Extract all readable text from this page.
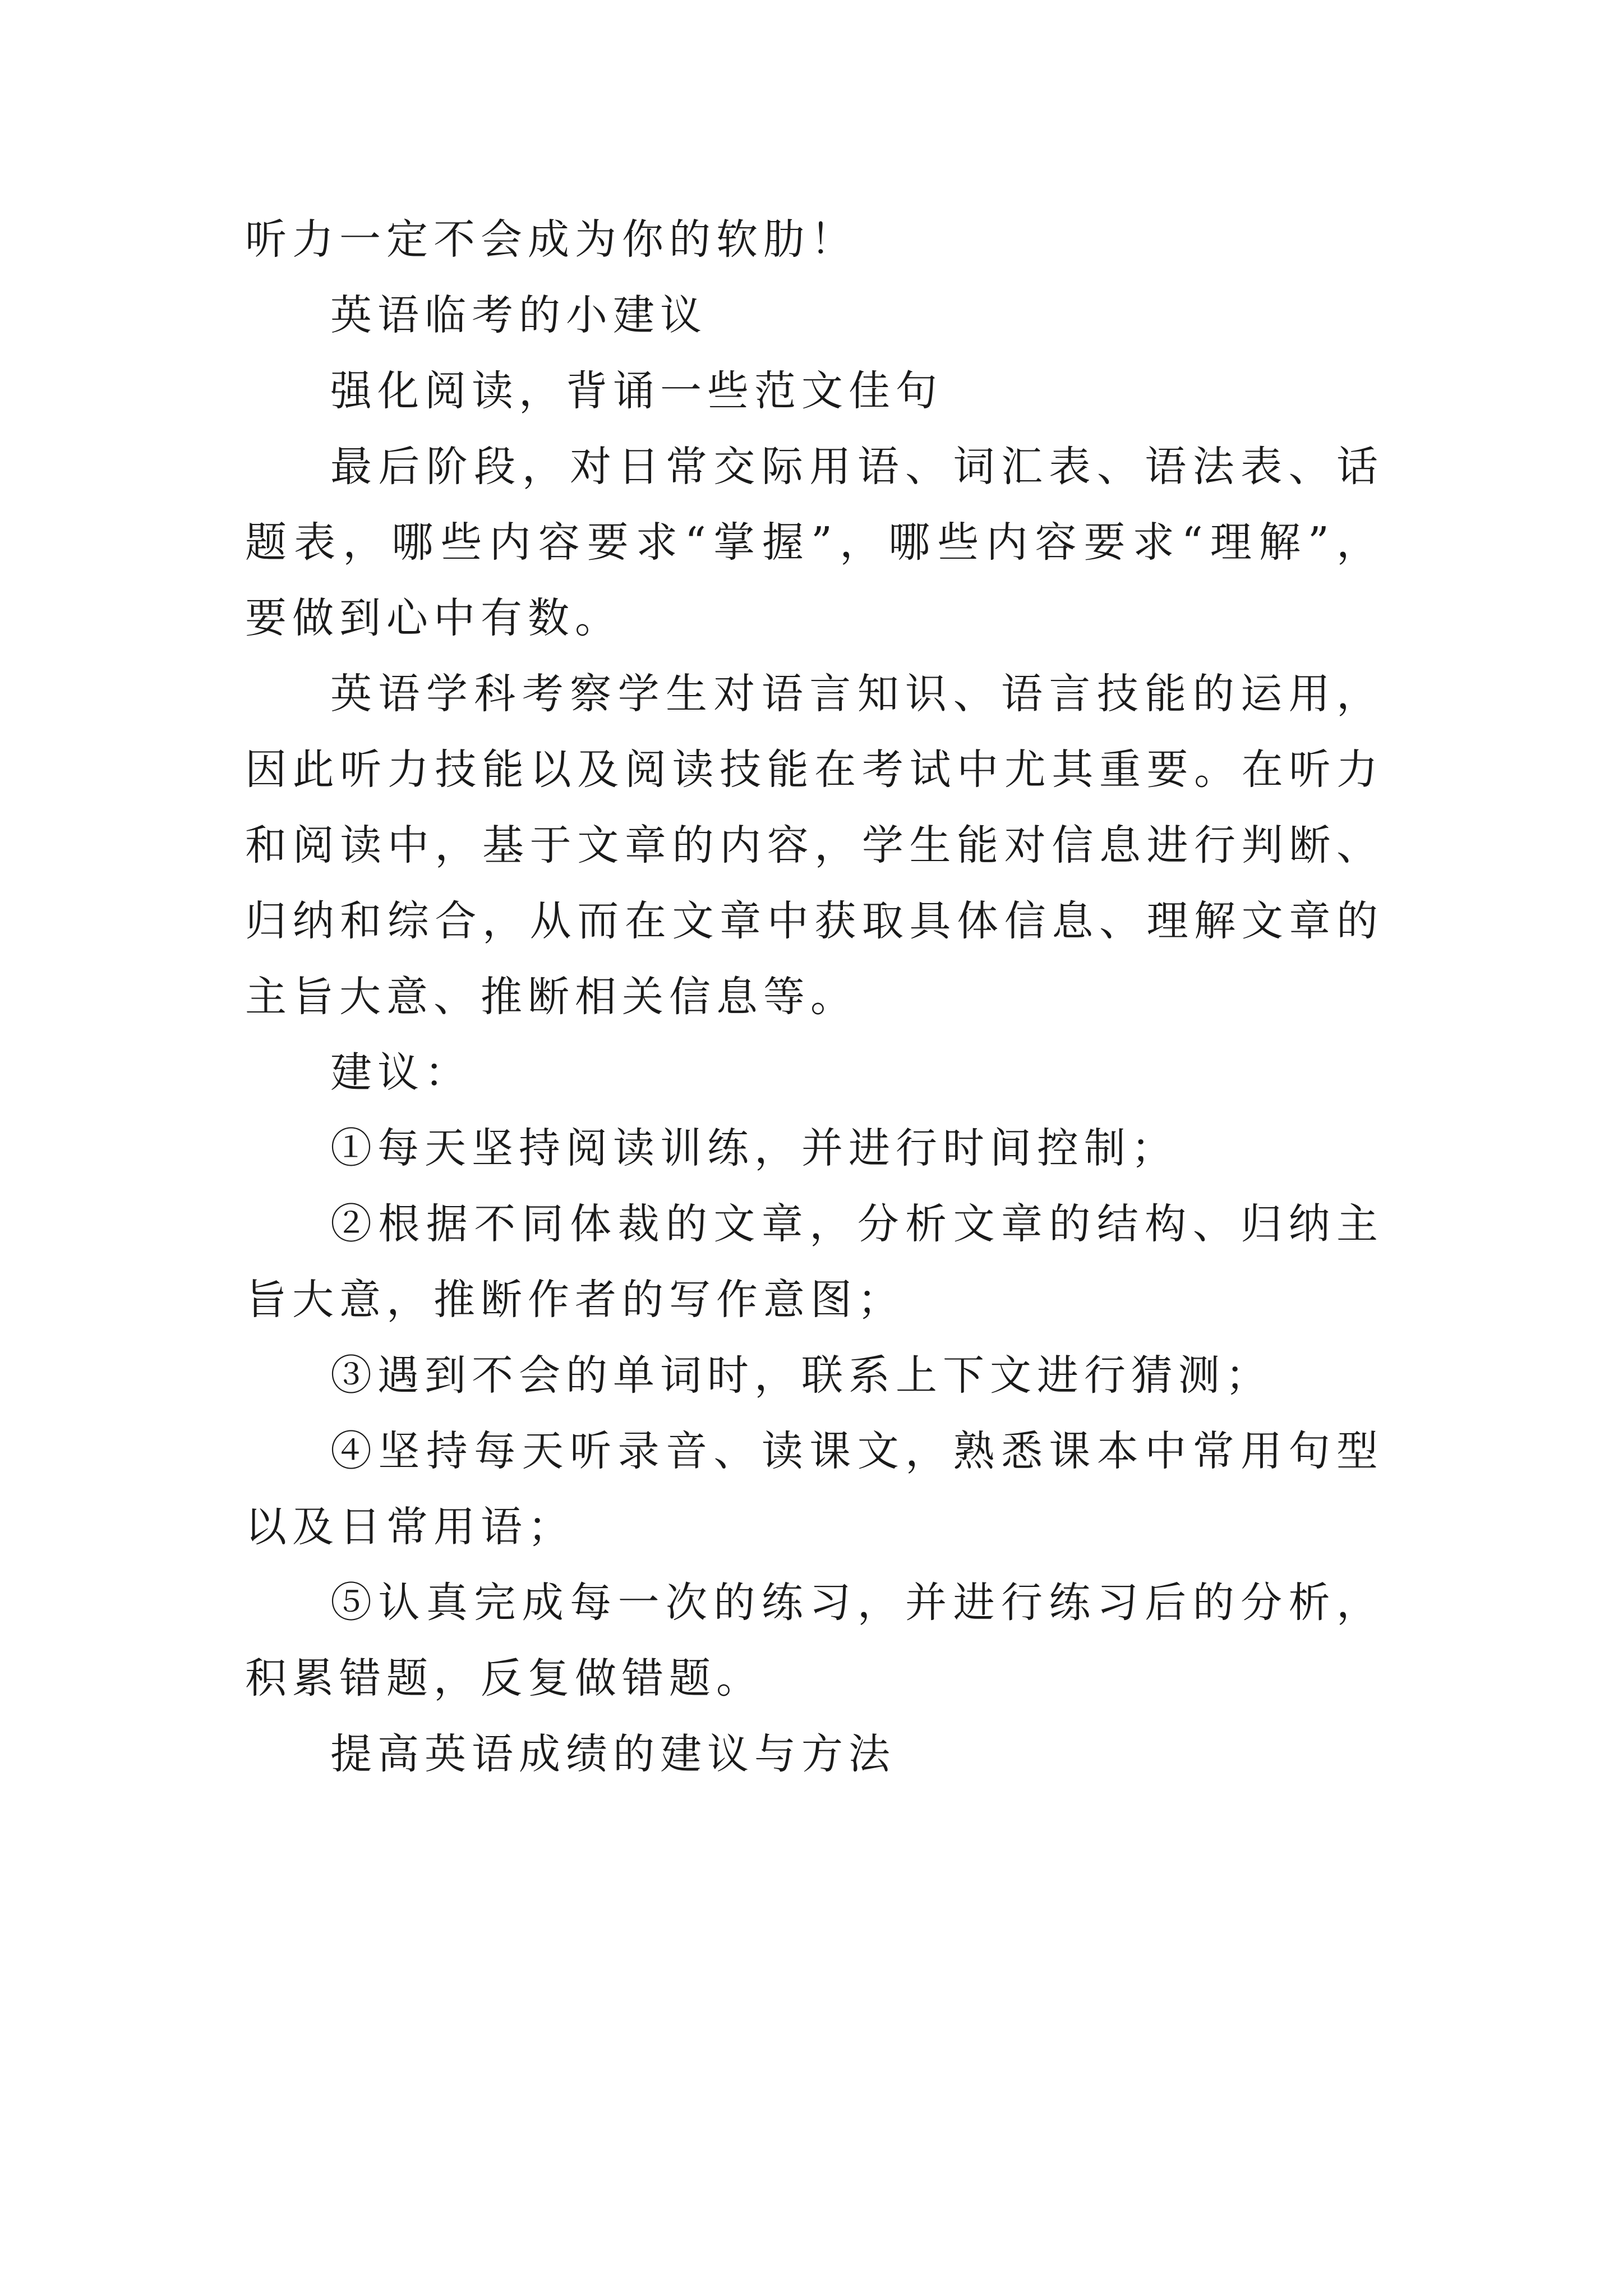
听力一定不会成为你的软肋！

英语临考的小建议

强化阅读，背诵一些范文佳句

最后阶段，对日常交际用语、词汇表、语法表、话题表，哪些内容要求“掌握”，哪些内容要求“理解”，要做到心中有数。

英语学科考察学生对语言知识、语言技能的运用，因此听力技能以及阅读技能在考试中尤其重要。在听力和阅读中，基于文章的内容，学生能对信息进行判断、归纳和综合，从而在文章中获取具体信息、理解文章的主旨大意、推断相关信息等。

建议：

①每天坚持阅读训练，并进行时间控制；

②根据不同体裁的文章，分析文章的结构、归纳主旨大意，推断作者的写作意图；

③遇到不会的单词时，联系上下文进行猜测；

④坚持每天听录音、读课文，熟悉课本中常用句型以及日常用语；

⑤认真完成每一次的练习，并进行练习后的分析，积累错题，反复做错题。

提高英语成绩的建议与方法
